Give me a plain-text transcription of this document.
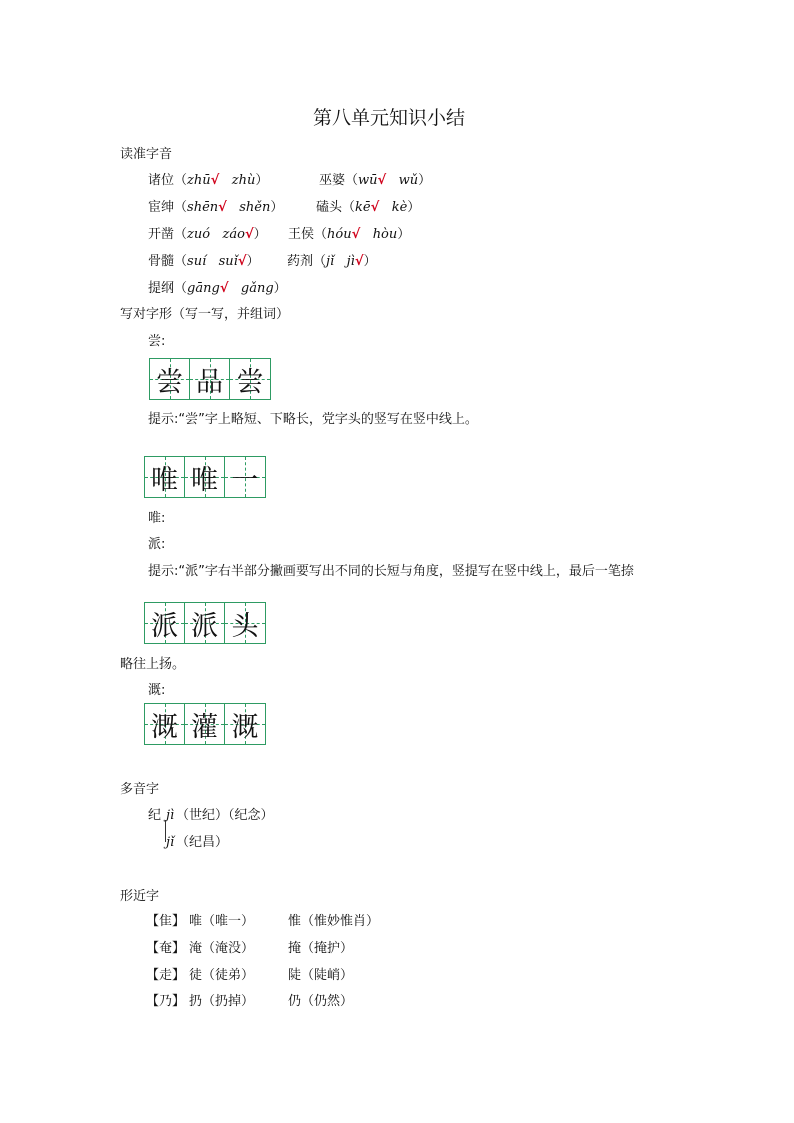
第八单元知识小结
读准字音
诸位（zhū√ zhù）	巫婆（wū√ wǔ）
宦绅（shēn√ shěn）	磕头（kē√ kè）
开凿（zuó záo√） 王侯（hóu√ hòu）
骨髓（suí suǐ√） 药剂（jǐ jì√）
提纲（gāng√ gǎng）
写对字形（写一写，并组词）
尝:
尝 品 尝
提示:“尝”字上略短、下略长，党字头的竖写在竖中线上。
唯 唯 一
唯:
派:
提示:“派”字右半部分撇画要写出不同的长短与角度，竖提写在竖中线上，最后一笔捺
派 派 头
略往上扬。
溉:
溉 灌 溉
多音字
纪 jì （世纪）（纪念）
jǐ （纪昌）
形近字
【隹】 唯（唯一）	惟（惟妙惟肖）
【奄】 淹（淹没）	掩（掩护）
【走】 徒（徒弟）	陡（陡峭）
【乃】 扔（扔掉）	仍（仍然）
